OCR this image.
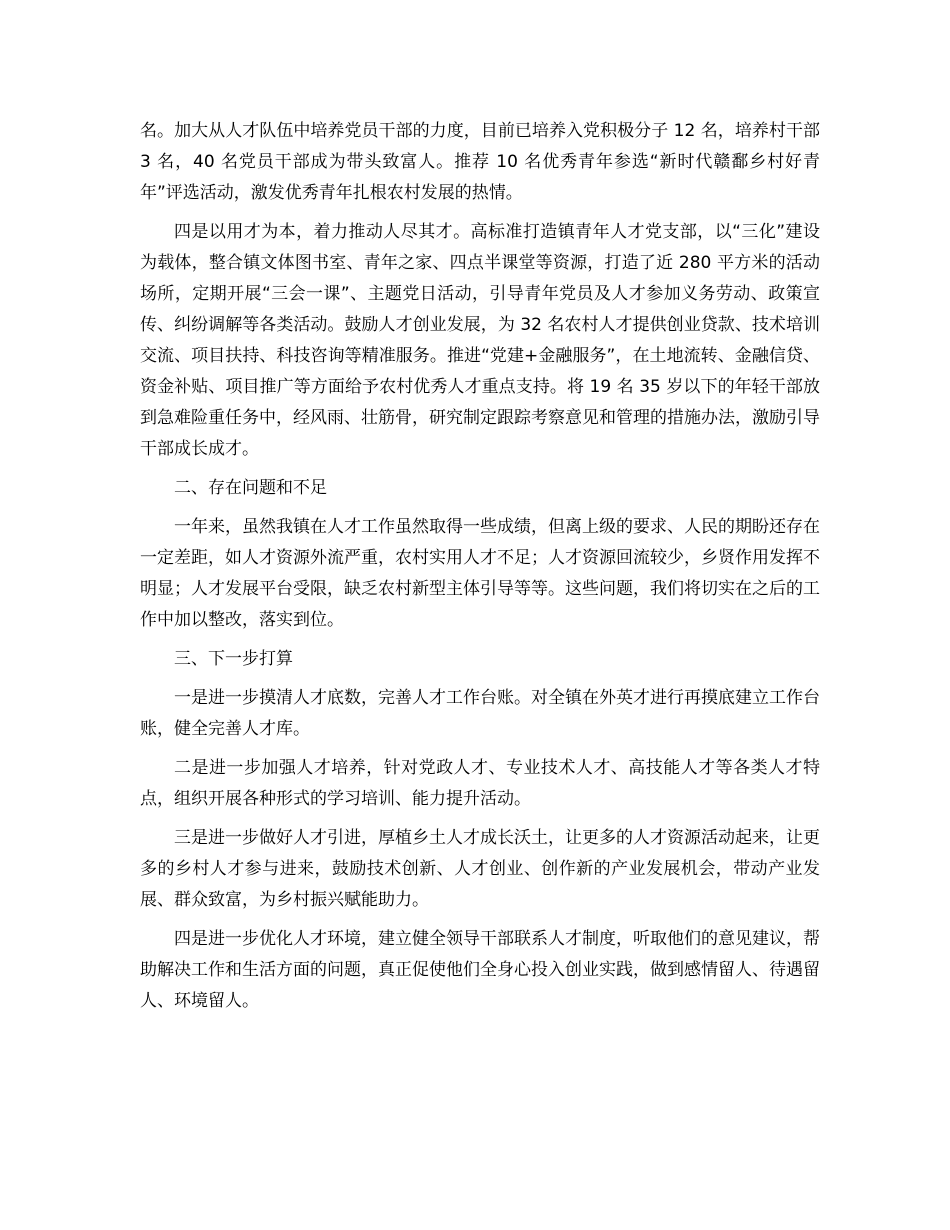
名。加大从人才队伍中培养党员干部的力度，目前已培养入党积极分子 12 名，培养村干部 3 名，40 名党员干部成为带头致富人。推荐 10 名优秀青年参选“新时代赣鄱乡村好青年”评选活动，激发优秀青年扎根农村发展的热情。

四是以用才为本，着力推动人尽其才。高标准打造镇青年人才党支部，以“三化”建设为载体，整合镇文体图书室、青年之家、四点半课堂等资源，打造了近 280 平方米的活动场所，定期开展“三会一课”、主题党日活动，引导青年党员及人才参加义务劳动、政策宣传、纠纷调解等各类活动。鼓励人才创业发展，为 32 名农村人才提供创业贷款、技术培训交流、项目扶持、科技咨询等精准服务。推进“党建+金融服务”，在土地流转、金融信贷、资金补贴、项目推广等方面给予农村优秀人才重点支持。将 19 名 35 岁以下的年轻干部放到急难险重任务中，经风雨、壮筋骨，研究制定跟踪考察意见和管理的措施办法，激励引导干部成长成才。

二、存在问题和不足

一年来，虽然我镇在人才工作虽然取得一些成绩，但离上级的要求、人民的期盼还存在一定差距，如人才资源外流严重，农村实用人才不足；人才资源回流较少，乡贤作用发挥不明显；人才发展平台受限，缺乏农村新型主体引导等等。这些问题，我们将切实在之后的工作中加以整改，落实到位。

三、下一步打算

一是进一步摸清人才底数，完善人才工作台账。对全镇在外英才进行再摸底建立工作台账，健全完善人才库。

二是进一步加强人才培养，针对党政人才、专业技术人才、高技能人才等各类人才特点，组织开展各种形式的学习培训、能力提升活动。

三是进一步做好人才引进，厚植乡土人才成长沃土，让更多的人才资源活动起来，让更多的乡村人才参与进来，鼓励技术创新、人才创业、创作新的产业发展机会，带动产业发展、群众致富，为乡村振兴赋能助力。

四是进一步优化人才环境，建立健全领导干部联系人才制度，听取他们的意见建议，帮助解决工作和生活方面的问题，真正促使他们全身心投入创业实践，做到感情留人、待遇留人、环境留人。
